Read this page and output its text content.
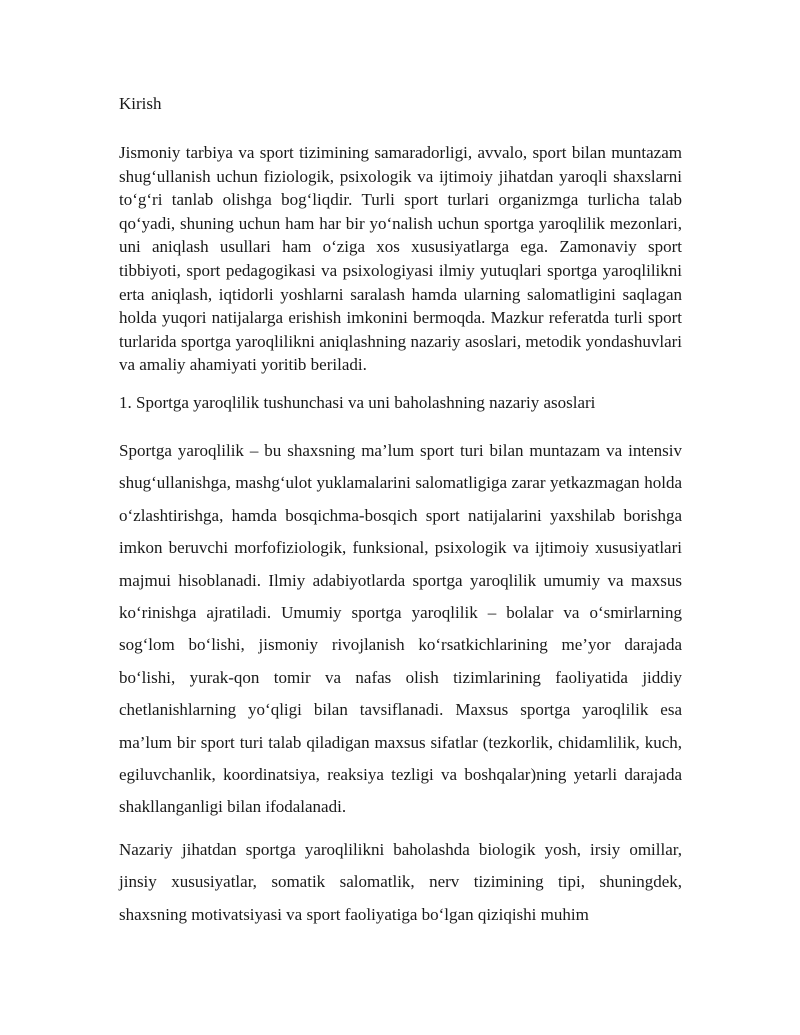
Kirish

Jismoniy tarbiya va sport tizimining samaradorligi, avvalo, sport bilan muntazam shug‘ullanish uchun fiziologik, psixologik va ijtimoiy jihatdan yaroqli shaxslarni to‘g‘ri tanlab olishga bog‘liqdir. Turli sport turlari organizmga turlicha talab qo‘yadi, shuning uchun ham har bir yo‘nalish uchun sportga yaroqlilik mezonlari, uni aniqlash usullari ham o‘ziga xos xususiyatlarga ega. Zamonaviy sport tibbiyoti, sport pedagogikasi va psixologiyasi ilmiy yutuqlari sportga yaroqlilikni erta aniqlash, iqtidorli yoshlarni saralash hamda ularning salomatligini saqlagan holda yuqori natijalarga erishish imkonini bermoqda. Mazkur referatda turli sport turlarida sportga yaroqlilikni aniqlashning nazariy asoslari, metodik yondashuvlari va amaliy ahamiyati yoritib beriladi.

1. Sportga yaroqlilik tushunchasi va uni baholashning nazariy asoslari

Sportga yaroqlilik – bu shaxsning ma’lum sport turi bilan muntazam va intensiv shug‘ullanishga, mashg‘ulot yuklamalarini salomatligiga zarar yetkazmagan holda o‘zlashtirishga, hamda bosqichma-bosqich sport natijalarini yaxshilab borishga imkon beruvchi morfofiziologik, funksional, psixologik va ijtimoiy xususiyatlari majmui hisoblanadi. Ilmiy adabiyotlarda sportga yaroqlilik umumiy va maxsus ko‘rinishga ajratiladi. Umumiy sportga yaroqlilik – bolalar va o‘smirlarning sog‘lom bo‘lishi, jismoniy rivojlanish ko‘rsatkichlarining me’yor darajada bo‘lishi, yurak-qon tomir va nafas olish tizimlarining faoliyatida jiddiy chetlanishlarning yo‘qligi bilan tavsiflanadi. Maxsus sportga yaroqlilik esa ma’lum bir sport turi talab qiladigan maxsus sifatlar (tezkorlik, chidamlilik, kuch, egiluvchanlik, koordinatsiya, reaksiya tezligi va boshqalar)ning yetarli darajada shakllanganligi bilan ifodalanadi.

Nazariy jihatdan sportga yaroqlilikni baholashda biologik yosh, irsiy omillar, jinsiy xususiyatlar, somatik salomatlik, nerv tizimining tipi, shuningdek, shaxsning motivatsiyasi va sport faoliyatiga bo‘lgan qiziqishi muhim
